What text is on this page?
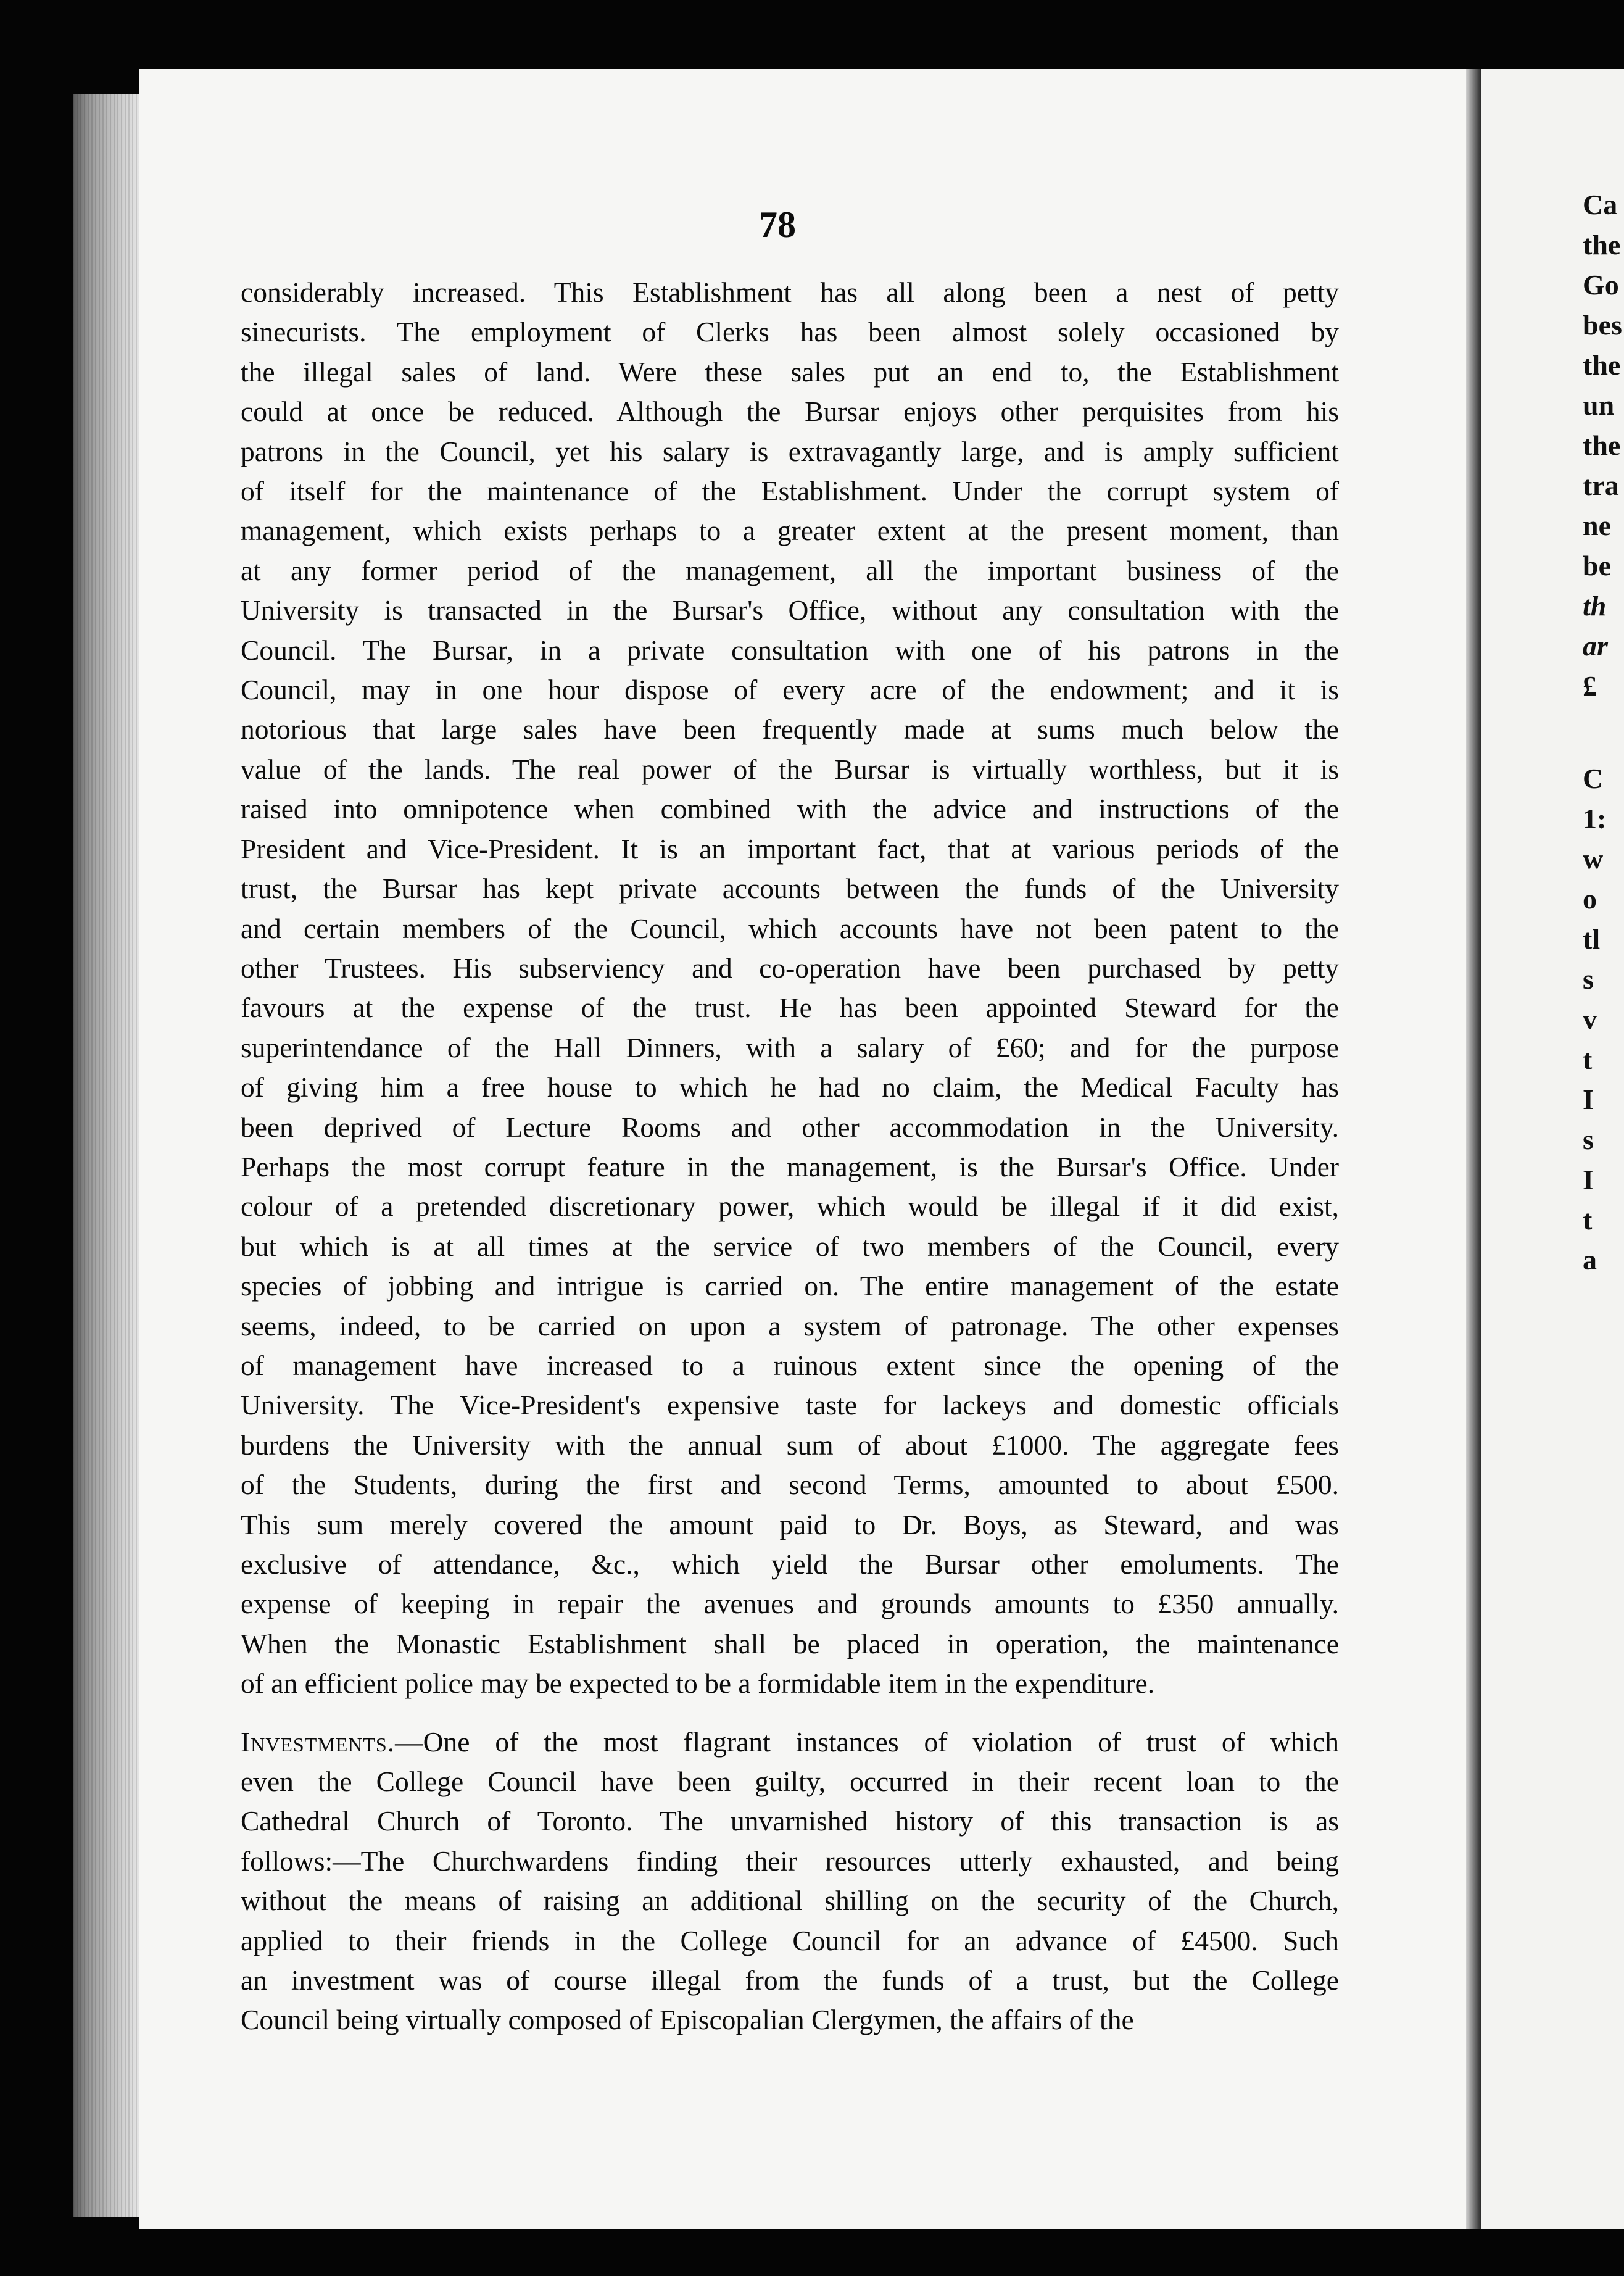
Ca
the
Go
bes
the
un
the
tra
ne
be
th
ar
£
C
1:
w
o
tl
s
v
t
I
s
I
t
a
78

considerably increased. This Establishment has all along been a nest of petty
sinecurists. The employment of Clerks has been almost solely occasioned by
the illegal sales of land. Were these sales put an end to, the Establishment
could at once be reduced. Although the Bursar enjoys other perquisites from his
patrons in the Council, yet his salary is extravagantly large, and is amply sufficient
of itself for the maintenance of the Establishment. Under the corrupt system of
management, which exists perhaps to a greater extent at the present moment, than
at any former period of the management, all the important business of the
University is transacted in the Bursar's Office, without any consultation with the
Council. The Bursar, in a private consultation with one of his patrons in the
Council, may in one hour dispose of every acre of the endowment; and it is
notorious that large sales have been frequently made at sums much below the
value of the lands. The real power of the Bursar is virtually worthless, but it is
raised into omnipotence when combined with the advice and instructions of the
President and Vice-President. It is an important fact, that at various periods of the
trust, the Bursar has kept private accounts between the funds of the University
and certain members of the Council, which accounts have not been patent to the
other Trustees. His subserviency and co-operation have been purchased by petty
favours at the expense of the trust. He has been appointed Steward for the
superintendance of the Hall Dinners, with a salary of £60; and for the purpose
of giving him a free house to which he had no claim, the Medical Faculty has
been deprived of Lecture Rooms and other accommodation in the University.
Perhaps the most corrupt feature in the management, is the Bursar's Office. Under
colour of a pretended discretionary power, which would be illegal if it did exist,
but which is at all times at the service of two members of the Council, every
species of jobbing and intrigue is carried on. The entire management of the estate
seems, indeed, to be carried on upon a system of patronage. The other expenses
of management have increased to a ruinous extent since the opening of the
University. The Vice-President's expensive taste for lackeys and domestic officials
burdens the University with the annual sum of about £1000. The aggregate fees
of the Students, during the first and second Terms, amounted to about £500.
This sum merely covered the amount paid to Dr. Boys, as Steward, and was
exclusive of attendance, &c., which yield the Bursar other emoluments. The
expense of keeping in repair the avenues and grounds amounts to £350 annually.
When the Monastic Establishment shall be placed in operation, the maintenance
of an efficient police may be expected to be a formidable item in the expenditure.

Investments.—One of the most flagrant instances of violation of trust of which
even the College Council have been guilty, occurred in their recent loan to the
Cathedral Church of Toronto. The unvarnished history of this transaction is as
follows:—The Churchwardens finding their resources utterly exhausted, and being
without the means of raising an additional shilling on the security of the Church,
applied to their friends in the College Council for an advance of £4500. Such
an investment was of course illegal from the funds of a trust, but the College
Council being virtually composed of Episcopalian Clergymen, the affairs of the
